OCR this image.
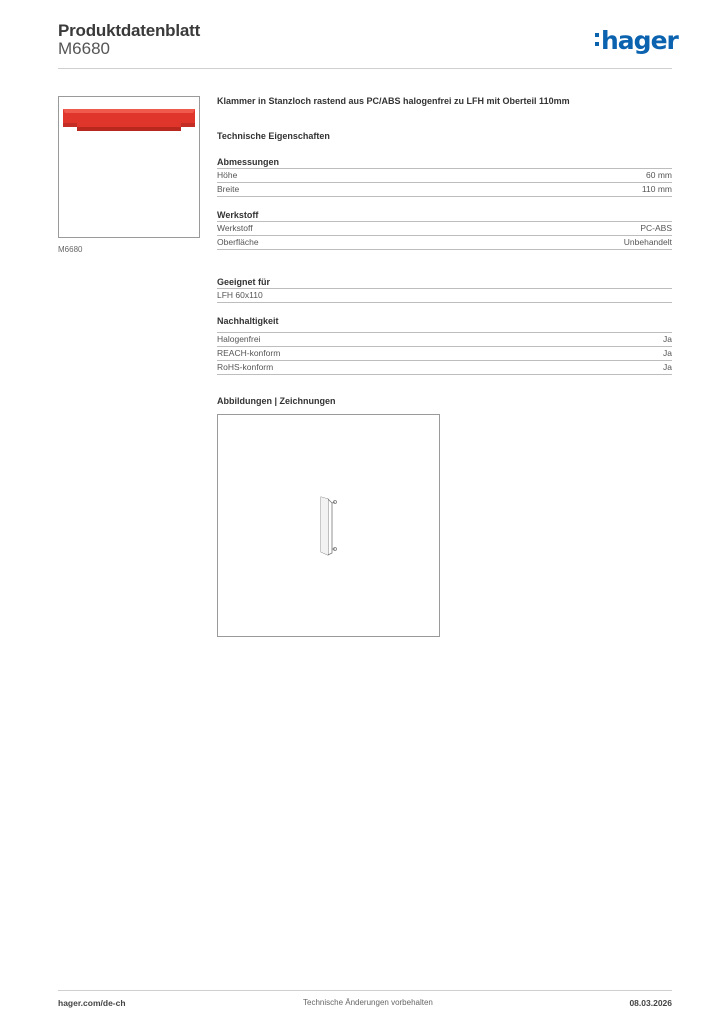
Produktdatenblatt
M6680	hager
M6680
Klammer in Stanzloch rastend aus PC/ABS halogenfrei zu LFH mit Oberteil 110mm
Technische Eigenschaften
Abmessungen
Höhe	60 mm
Breite	110 mm
Werkstoff
Werkstoff	PC-ABS
Oberfläche	Unbehandelt
Geeignet für
LFH 60x110
Nachhaltigkeit
Halogenfrei	Ja
REACH-konform	Ja
RoHS-konform	Ja
Abbildungen | Zeichnungen
hager.com/de-ch	Technische Änderungen vorbehalten	08.03.2026
